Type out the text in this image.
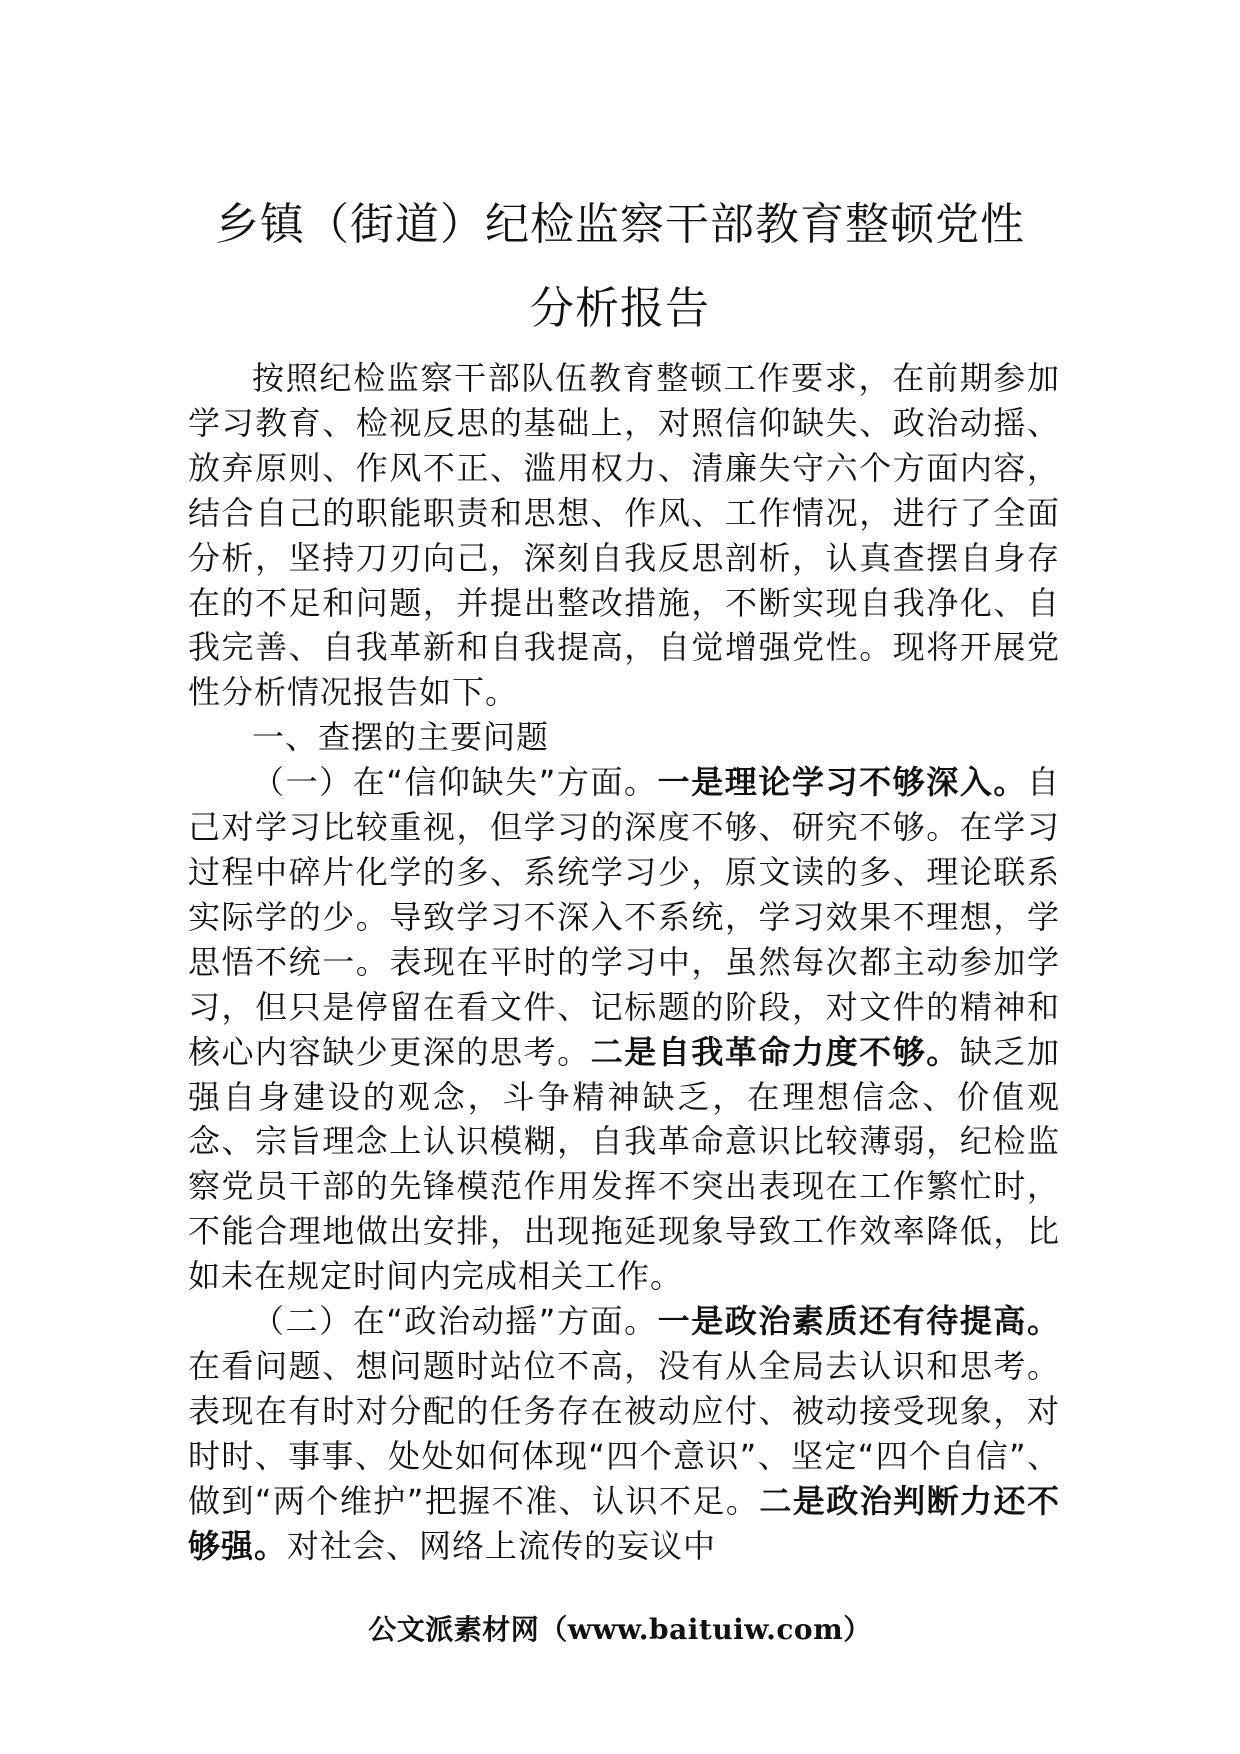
乡镇（街道）纪检监察干部教育整顿党性
分析报告

按照纪检监察干部队伍教育整顿工作要求，在前期参加学习教育、检视反思的基础上，对照信仰缺失、政治动摇、放弃原则、作风不正、滥用权力、清廉失守六个方面内容，结合自己的职能职责和思想、作风、工作情况，进行了全面分析，坚持刀刃向己，深刻自我反思剖析，认真查摆自身存在的不足和问题，并提出整改措施，不断实现自我净化、自我完善、自我革新和自我提高，自觉增强党性。现将开展党性分析情况报告如下。

一、查摆的主要问题

（一）在“信仰缺失”方面。一是理论学习不够深入。自己对学习比较重视，但学习的深度不够、研究不够。在学习过程中碎片化学的多、系统学习少，原文读的多、理论联系实际学的少。导致学习不深入不系统，学习效果不理想，学思悟不统一。表现在平时的学习中，虽然每次都主动参加学习，但只是停留在看文件、记标题的阶段，对文件的精神和核心内容缺少更深的思考。二是自我革命力度不够。缺乏加强自身建设的观念，斗争精神缺乏，在理想信念、价值观念、宗旨理念上认识模糊，自我革命意识比较薄弱，纪检监察党员干部的先锋模范作用发挥不突出表现在工作繁忙时，不能合理地做出安排，出现拖延现象导致工作效率降低，比如未在规定时间内完成相关工作。

（二）在“政治动摇”方面。一是政治素质还有待提高。在看问题、想问题时站位不高，没有从全局去认识和思考。表现在有时对分配的任务存在被动应付、被动接受现象，对时时、事事、处处如何体现“四个意识”、坚定“四个自信”、做到“两个维护”把握不准、认识不足。二是政治判断力还不够强。对社会、网络上流传的妄议中

公文派素材网（www.baituiw.com）
